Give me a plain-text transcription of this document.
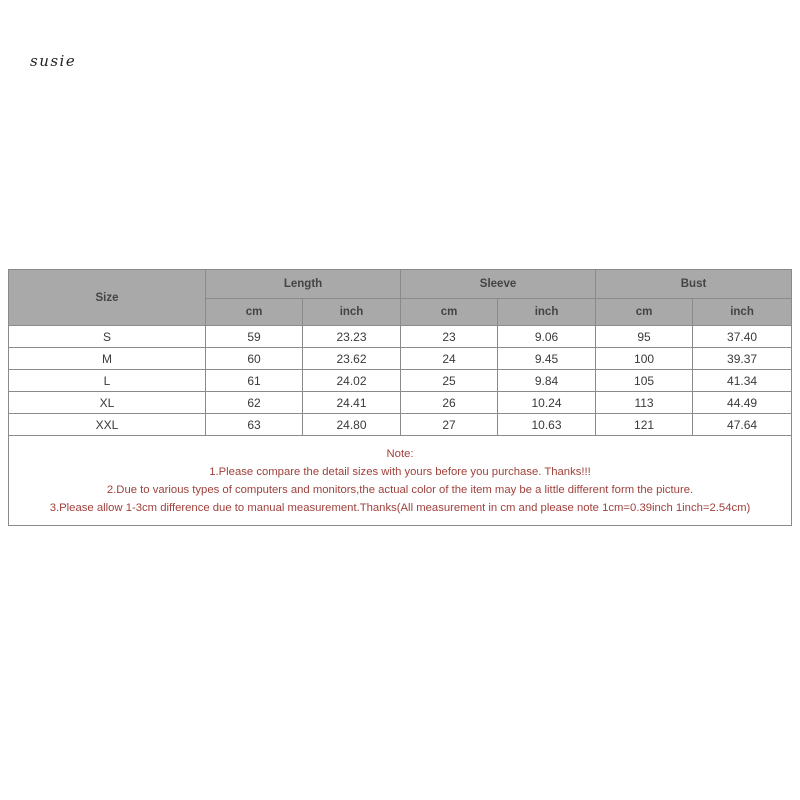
susie
Size	Length		Sleeve		Bust	
	cm	inch	cm	inch	cm	inch
S	59	23.23	23	9.06	95	37.40
M	60	23.62	24	9.45	100	39.37
L	61	24.02	25	9.84	105	41.34
XL	62	24.41	26	10.24	113	44.49
XXL	63	24.80	27	10.63	121	47.64

Note:
1.Please compare the detail sizes with yours before you purchase. Thanks!!!
2.Due to various types of computers and monitors,the actual color of the item may be a little different form the picture.
3.Please allow 1-3cm difference due to manual measurement.Thanks(All measurement in cm and please note 1cm=0.39inch 1inch=2.54cm)						
